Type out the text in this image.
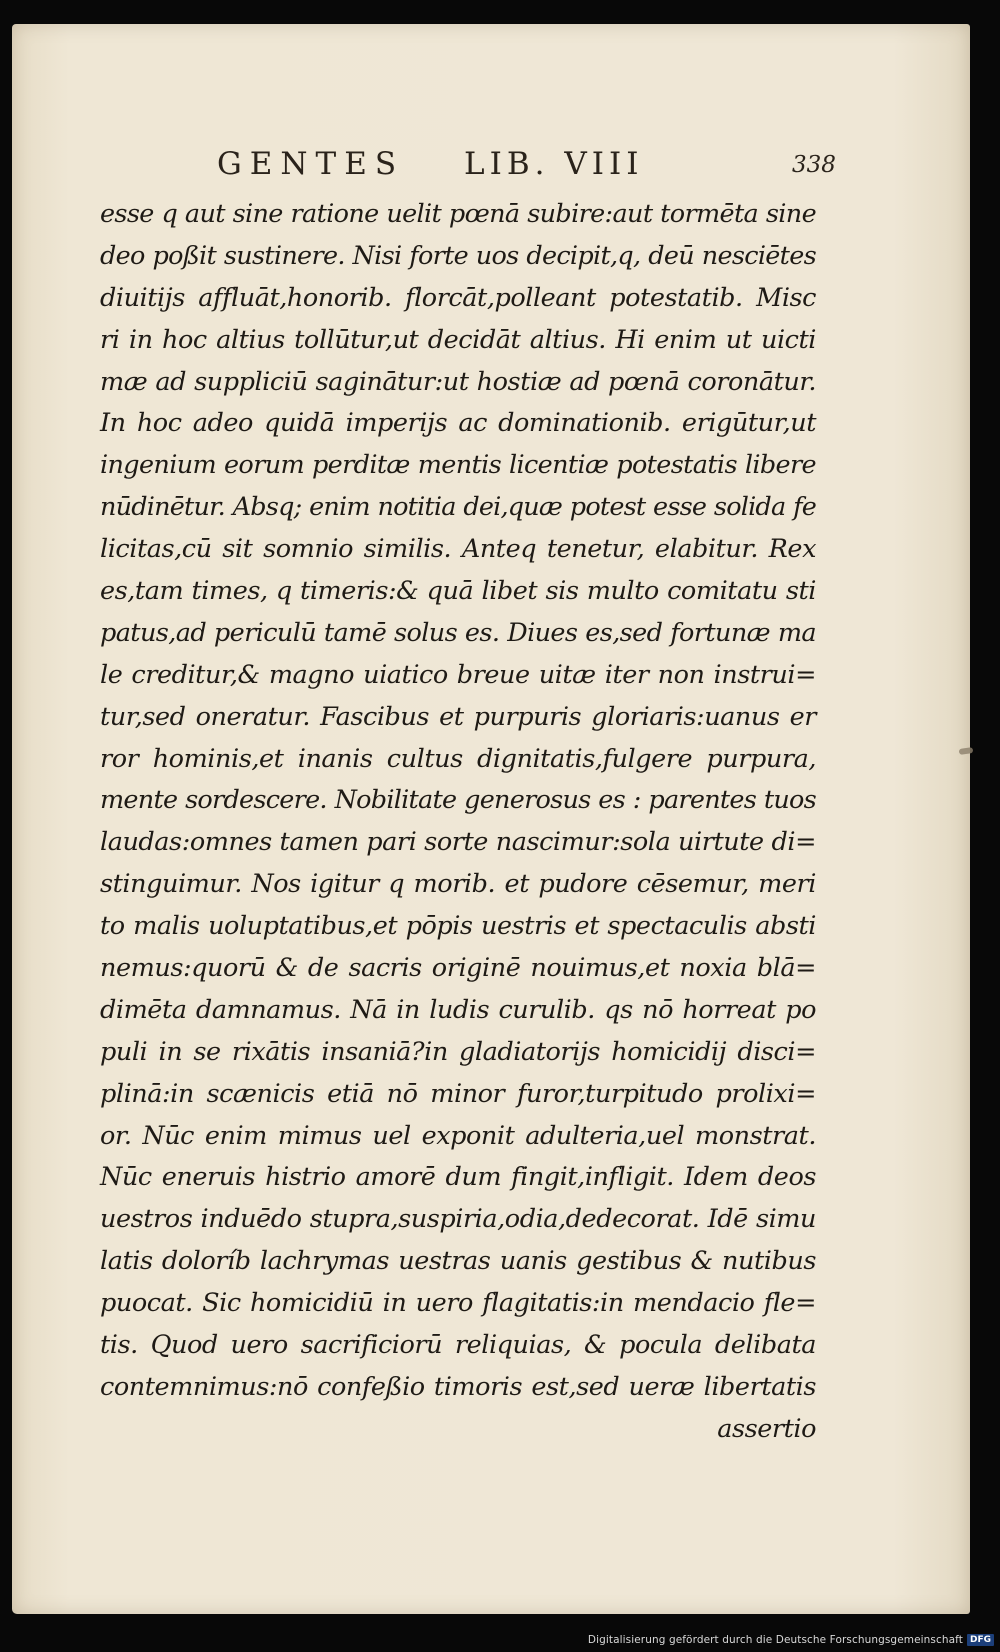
GENTES LIB. VIII	338
esse q aut sine ratione uelit pœnā subire:aut tormēta sine
deo poßit sustinere. Nisi forte uos decipit,q, deū nesciētes
diuitijs affluāt,honorib. florcāt,polleant potestatib. Misc
ri in hoc altius tollūtur,ut decidāt altius. Hi enim ut uicti
mæ ad suppliciū saginātur:ut hostiæ ad pœnā coronātur.
In hoc adeo quidā imperijs ac dominationib. erigūtur,ut
ingenium eorum perditæ mentis licentiæ potestatis libere
nūdinētur. Absq; enim notitia dei,quæ potest esse solida fe
licitas,cū sit somnio similis. Anteq tenetur, elabitur. Rex
es,tam times, q timeris:& quā libet sis multo comitatu sti
patus,ad periculū tamē solus es. Diues es,sed fortunæ ma
le creditur,& magno uiatico breue uitæ iter non instrui=
tur,sed oneratur. Fascibus et purpuris gloriaris:uanus er
ror hominis,et inanis cultus dignitatis,fulgere purpura,
mente sordescere. Nobilitate generosus es : parentes tuos
laudas:omnes tamen pari sorte nascimur:sola uirtute di=
stinguimur. Nos igitur q morib. et pudore cēsemur, meri
to malis uoluptatibus,et pōpis uestris et spectaculis absti
nemus:quorū & de sacris originē nouimus,et noxia blā=
dimēta damnamus. Nā in ludis curulib. qs nō horreat po
puli in se rixātis insaniā?in gladiatorijs homicidij disci=
plinā:in scænicis etiā nō minor furor,turpitudo prolixi=
or. Nūc enim mimus uel exponit adulteria,uel monstrat.
Nūc eneruis histrio amorē dum fingit,infligit. Idem deos
uestros induēdo stupra,suspiria,odia,dedecorat. Idē simu
latis doloríb lachrymas uestras uanis gestibus & nutibus
puocat. Sic homicidiū in uero flagitatis:in mendacio fle=
tis. Quod uero sacrificiorū reliquias, & pocula delibata
contemnimus:nō confeßio timoris est,sed ueræ libertatis
assertio
Digitalisierung gefördert durch die Deutsche Forschungsgemeinschaft DFG
